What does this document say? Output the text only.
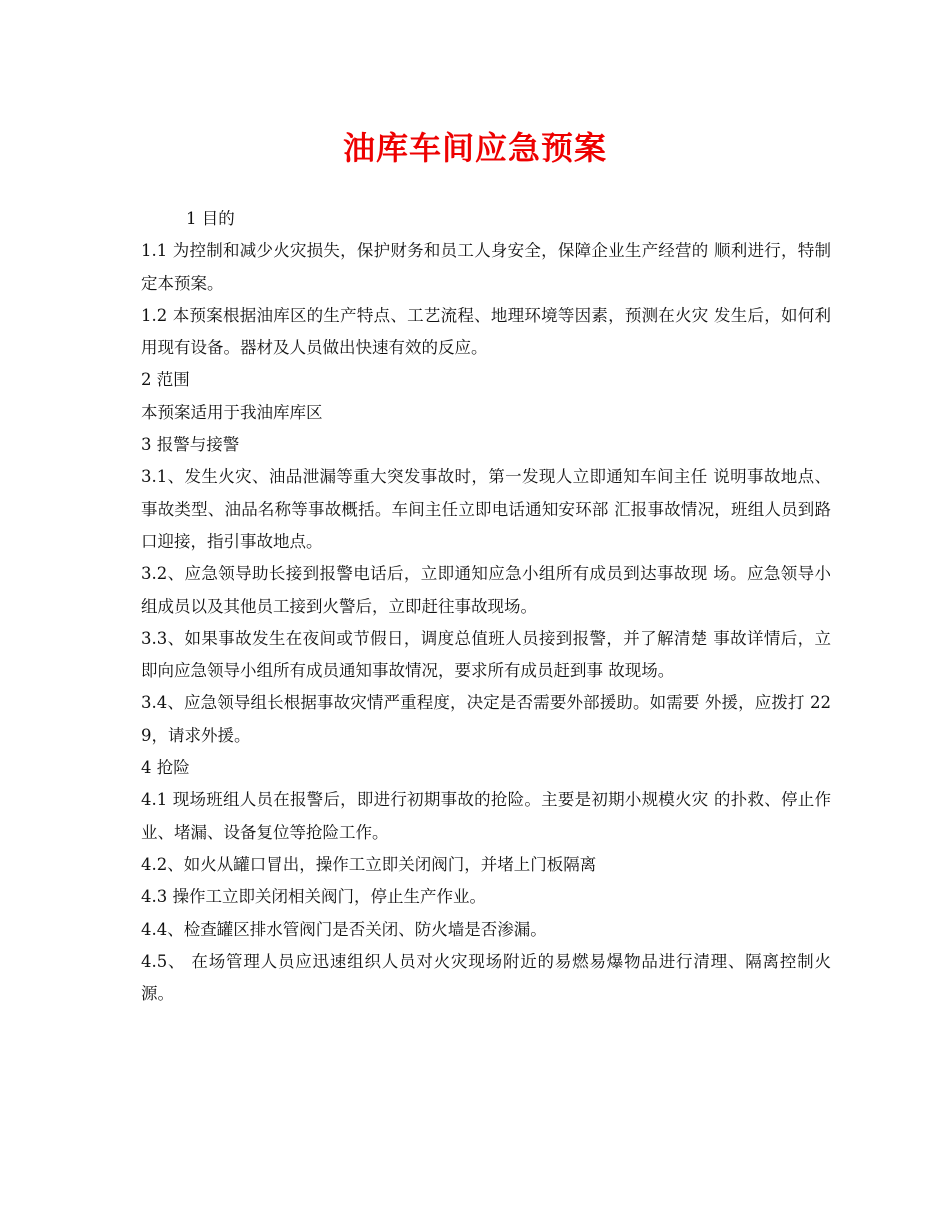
油库车间应急预案

1 目的

1.1 为控制和减少火灾损失，保护财务和员工人身安全，保障企业生产经营的 顺利进行，特制定本预案。

1.2 本预案根据油库区的生产特点、工艺流程、地理环境等因素，预测在火灾 发生后，如何利用现有设备。器材及人员做出快速有效的反应。

2 范围

本预案适用于我油库库区

3 报警与接警

3.1、发生火灾、油品泄漏等重大突发事故时，第一发现人立即通知车间主任 说明事故地点、事故类型、油品名称等事故概括。车间主任立即电话通知安环部 汇报事故情况，班组人员到路口迎接，指引事故地点。

3.2、应急领导助长接到报警电话后，立即通知应急小组所有成员到达事故现 场。应急领导小组成员以及其他员工接到火警后，立即赶往事故现场。

3.3、如果事故发生在夜间或节假日，调度总值班人员接到报警，并了解清楚 事故详情后，立即向应急领导小组所有成员通知事故情况，要求所有成员赶到事 故现场。

3.4、应急领导组长根据事故灾情严重程度，决定是否需要外部援助。如需要 外援，应拨打 229，请求外援。

4 抢险

4.1 现场班组人员在报警后，即进行初期事故的抢险。主要是初期小规模火灾 的扑救、停止作业、堵漏、设备复位等抢险工作。

4.2、如火从罐口冒出，操作工立即关闭阀门，并堵上门板隔离

4.3 操作工立即关闭相关阀门，停止生产作业。

4.4、检查罐区排水管阀门是否关闭、防火墙是否渗漏。

4.5、 在场管理人员应迅速组织人员对火灾现场附近的易燃易爆物品进行清理、隔离控制火源。
